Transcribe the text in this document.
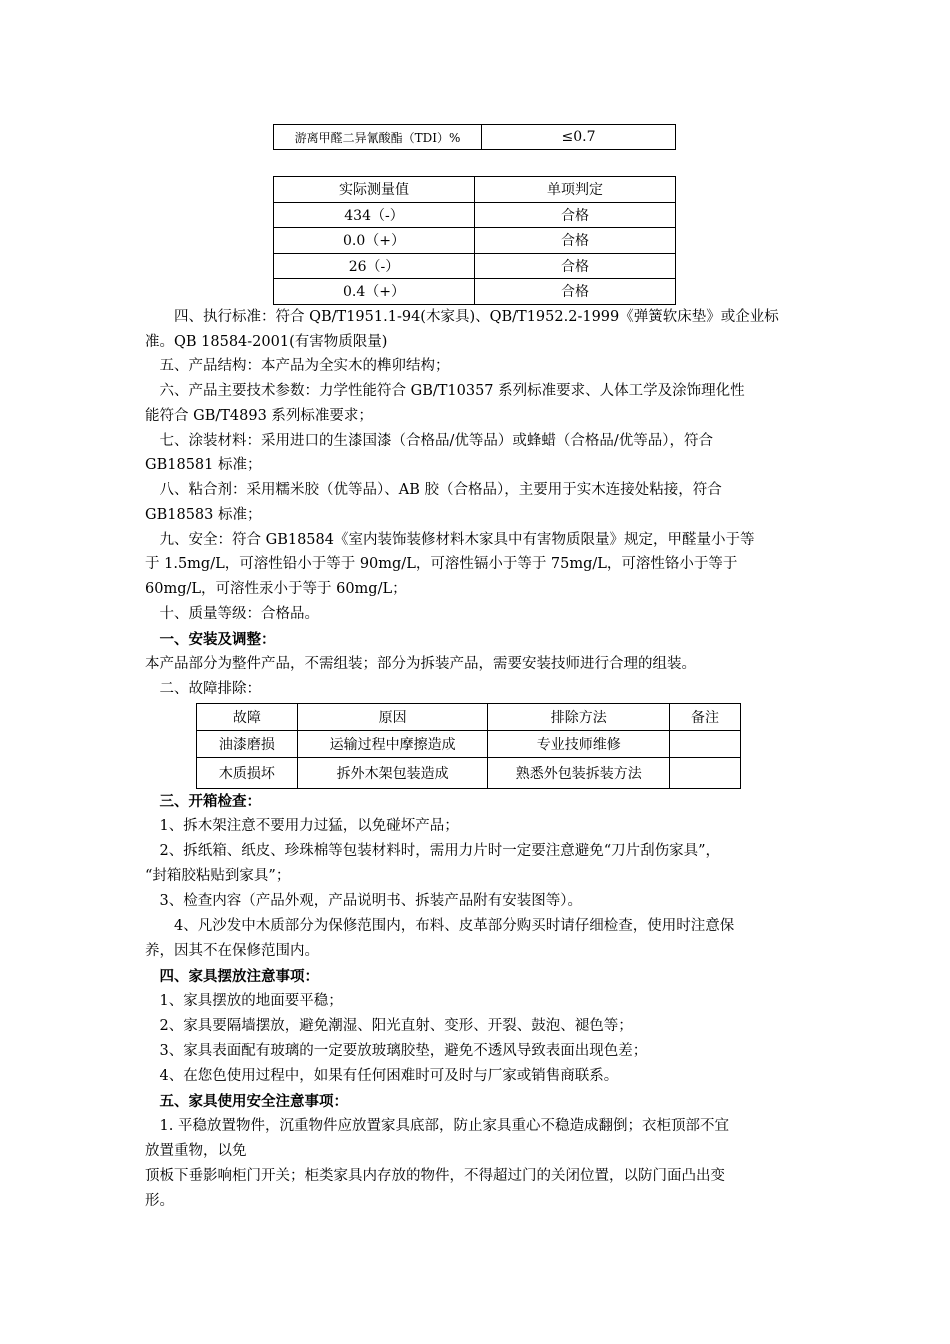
游离甲醛二异氰酸酯（TDI）%	≤0.7
实际测量值	单项判定
434（-）	合格
0.0（+）	合格
26（-）	合格
0.4（+）	合格
　　四、执行标准：符合 QB/T1951.1-94(木家具)、QB/T1952.2-1999《弹簧软床垫》或企业标
准。QB 18584-2001(有害物质限量)
　五、产品结构：本产品为全实木的榫卯结构；
　六、产品主要技术参数：力学性能符合 GB/T10357 系列标准要求、人体工学及涂饰理化性
能符合 GB/T4893 系列标准要求；
　七、涂装材料：采用进口的生漆国漆（合格品/优等品）或蜂蜡（合格品/优等品），符合
GB18581 标准；
　八、粘合剂：采用糯米胶（优等品）、AB 胶（合格品），主要用于实木连接处粘接，符合
GB18583 标准；
　九、安全：符合 GB18584《室内装饰装修材料木家具中有害物质限量》规定，甲醛量小于等
于 1.5mg/L，可溶性铅小于等于 90mg/L，可溶性镉小于等于 75mg/L，可溶性铬小于等于
60mg/L，可溶性汞小于等于 60mg/L；
　十、质量等级：合格品。
　一、安装及调整：
本产品部分为整件产品，不需组装；部分为拆装产品，需要安装技师进行合理的组装。
　二、故障排除：
故障	原因	排除方法	备注
油漆磨损	运输过程中摩擦造成	专业技师维修	
木质损坏	拆外木架包装造成	熟悉外包装拆装方法	
　三、开箱检查：
　1、拆木架注意不要用力过猛，以免碰坏产品；
　2、拆纸箱、纸皮、珍珠棉等包装材料时，需用力片时一定要注意避免“刀片刮伤家具”，
“封箱胶粘贴到家具”；
　3、检查内容（产品外观，产品说明书、拆装产品附有安装图等）。
　　4、凡沙发中木质部分为保修范围内，布料、皮革部分购买时请仔细检查，使用时注意保
养，因其不在保修范围内。
　四、家具摆放注意事项：
　1、家具摆放的地面要平稳；
　2、家具要隔墙摆放，避免潮湿、阳光直射、变形、开裂、鼓泡、褪色等；
　3、家具表面配有玻璃的一定要放玻璃胶垫，避免不透风导致表面出现色差；
　4、在您色使用过程中，如果有任何困难时可及时与厂家或销售商联系。
　五、家具使用安全注意事项：
　1. 平稳放置物件，沉重物件应放置家具底部，防止家具重心不稳造成翻倒；衣柜顶部不宜
放置重物，以免
顶板下垂影响柜门开关；柜类家具内存放的物件，不得超过门的关闭位置，以防门面凸出变
形。
